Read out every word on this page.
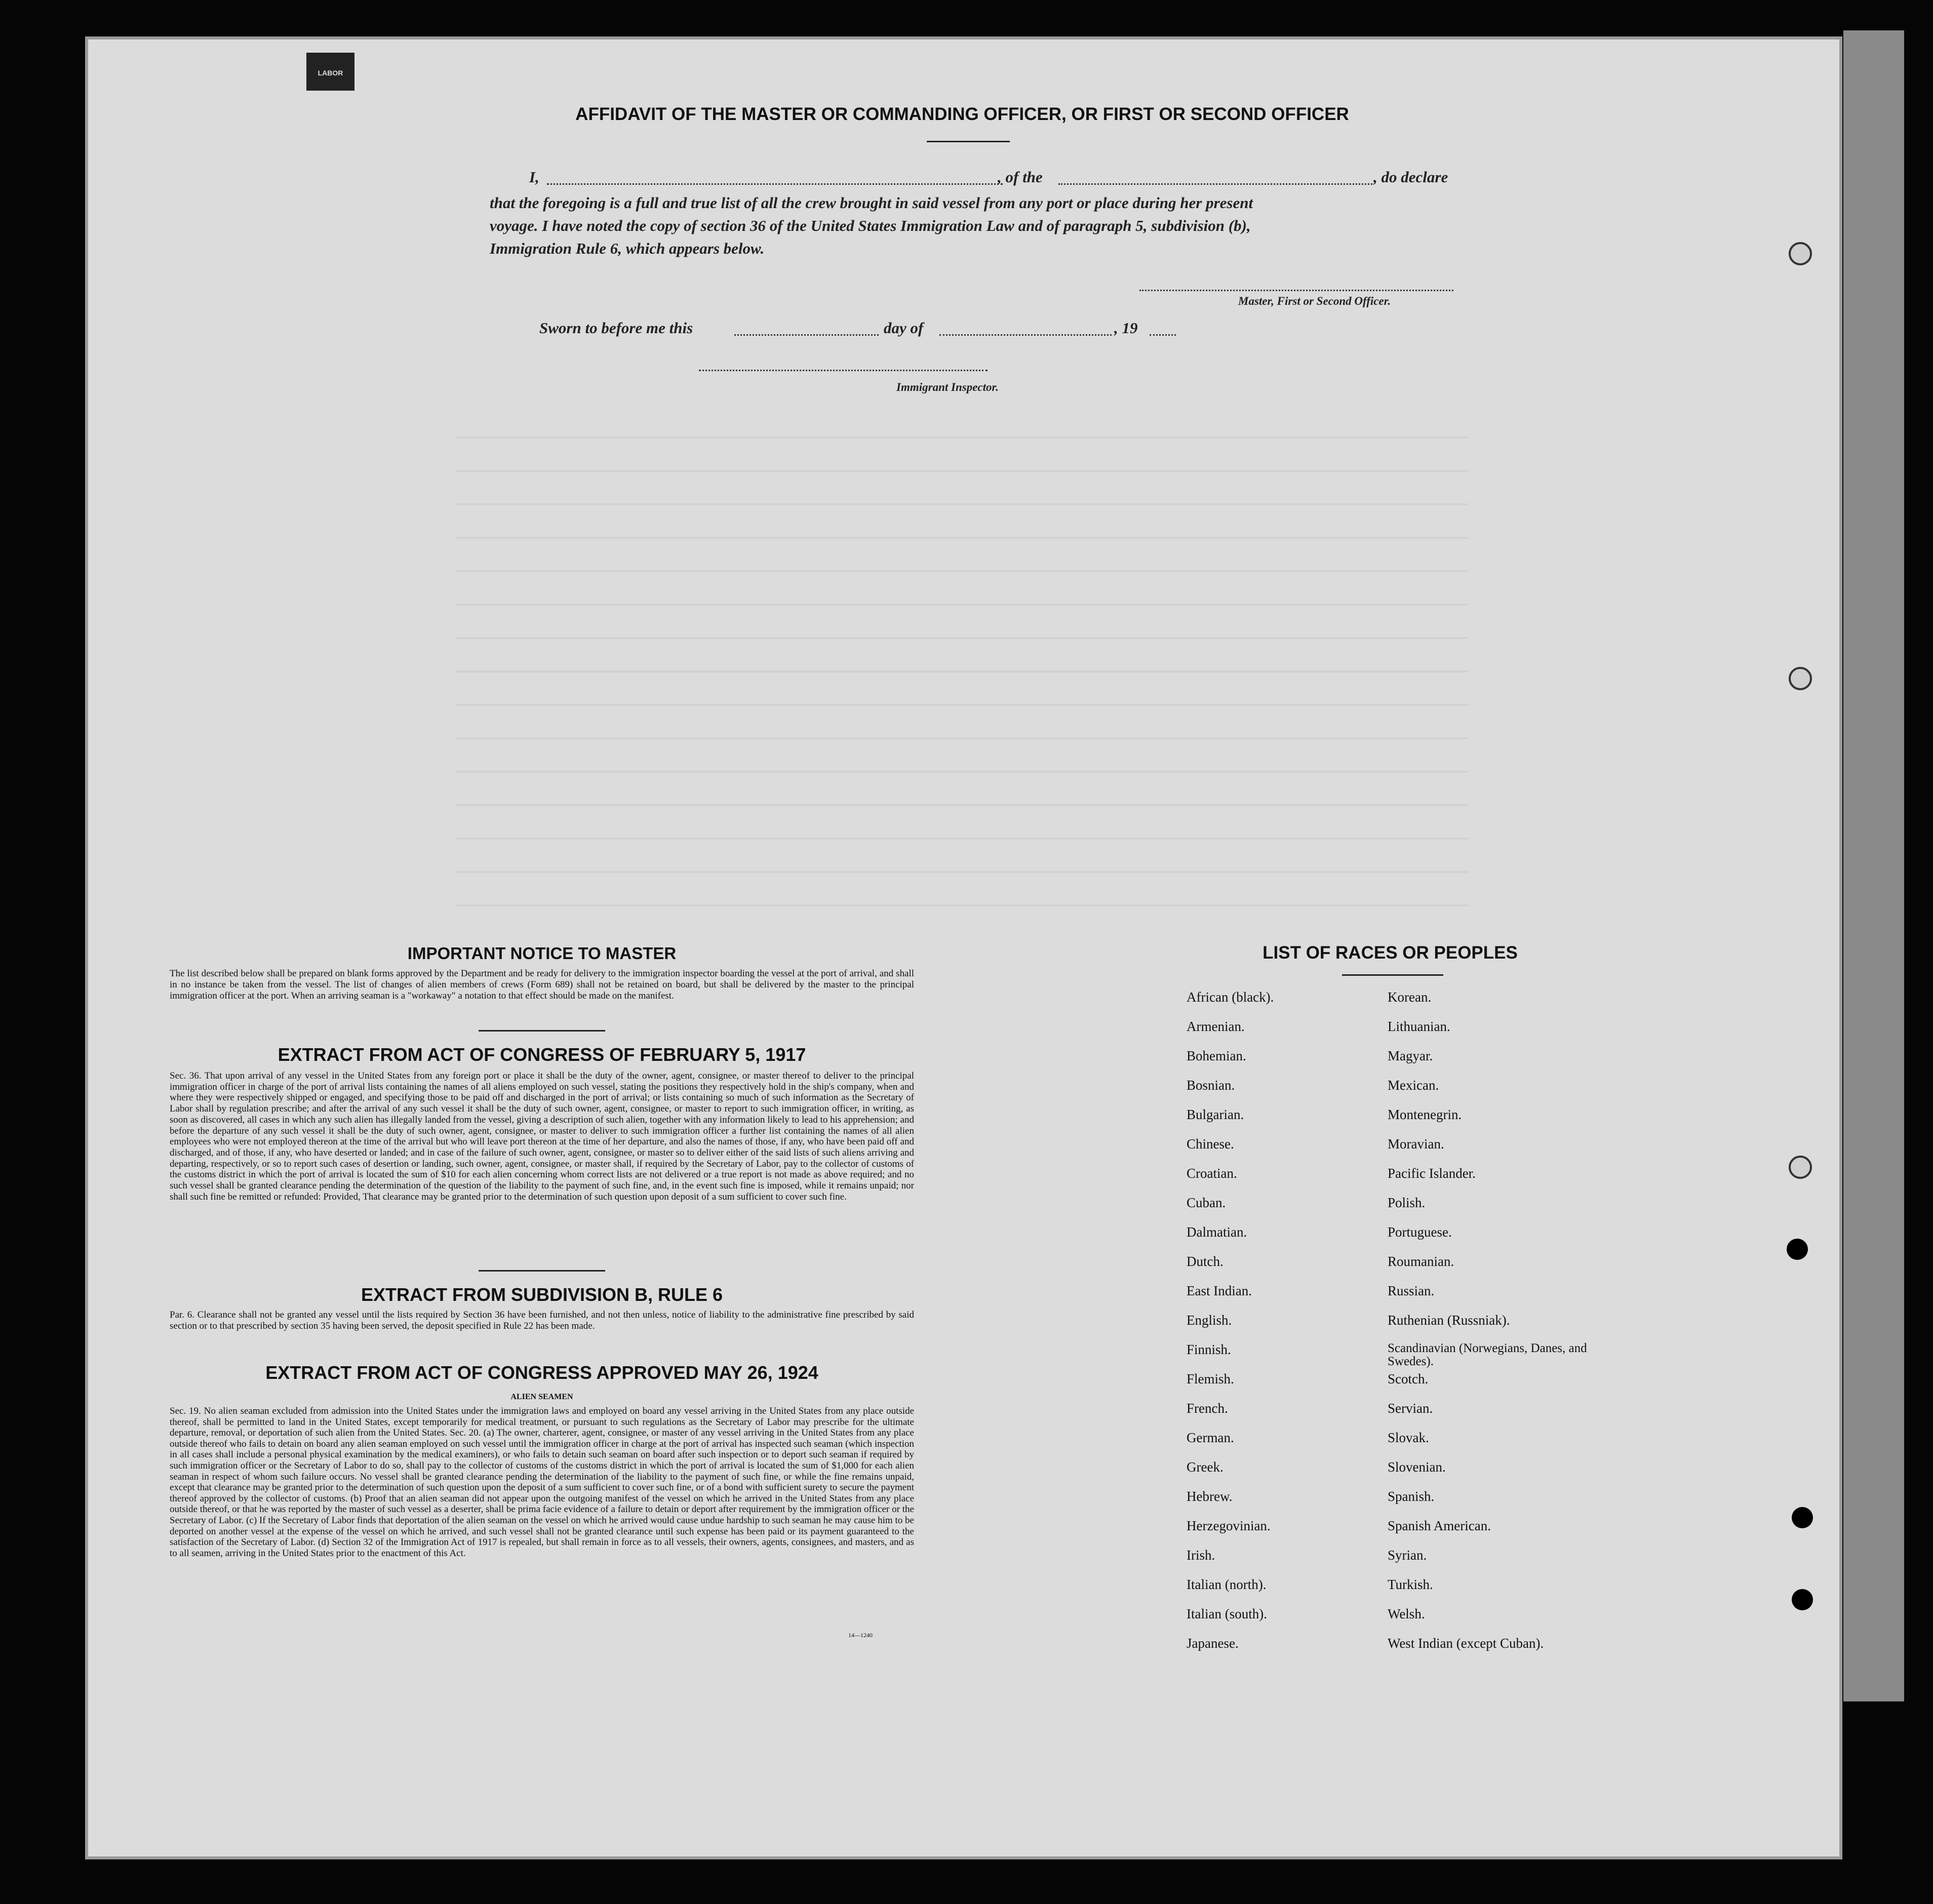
LABOR
AFFIDAVIT OF THE MASTER OR COMMANDING OFFICER, OR FIRST OR SECOND OFFICER
I,	, of the	, do declare
that the foregoing is a full and true list of all the crew brought in said vessel from any port or place during her present
voyage. I have noted the copy of section 36 of the United States Immigration Law and of paragraph 5, subdivision (b),
Immigration Rule 6, which appears below.
Master, First or Second Officer.
Sworn to before me this	day of	, 19
Immigrant Inspector.
IMPORTANT NOTICE TO MASTER
The list described below shall be prepared on blank forms approved by the Department and be ready for delivery to the immigration inspector boarding the vessel at the port of arrival, and shall in no instance be taken from the vessel. The list of changes of alien members of crews (Form 689) shall not be retained on board, but shall be delivered by the master to the principal immigration officer at the port. When an arriving seaman is a "workaway" a notation to that effect should be made on the manifest.
EXTRACT FROM ACT OF CONGRESS OF FEBRUARY 5, 1917
Sec. 36. That upon arrival of any vessel in the United States from any foreign port or place it shall be the duty of the owner, agent, consignee, or master thereof to deliver to the principal immigration officer in charge of the port of arrival lists containing the names of all aliens employed on such vessel, stating the positions they respectively hold in the ship's company, when and where they were respectively shipped or engaged, and specifying those to be paid off and discharged in the port of arrival; or lists containing so much of such information as the Secretary of Labor shall by regulation prescribe; and after the arrival of any such vessel it shall be the duty of such owner, agent, consignee, or master to report to such immigration officer, in writing, as soon as discovered, all cases in which any such alien has illegally landed from the vessel, giving a description of such alien, together with any information likely to lead to his apprehension; and before the departure of any such vessel it shall be the duty of such owner, agent, consignee, or master to deliver to such immigration officer a further list containing the names of all alien employees who were not employed thereon at the time of the arrival but who will leave port thereon at the time of her departure, and also the names of those, if any, who have been paid off and discharged, and of those, if any, who have deserted or landed; and in case of the failure of such owner, agent, consignee, or master so to deliver either of the said lists of such aliens arriving and departing, respectively, or so to report such cases of desertion or landing, such owner, agent, consignee, or master shall, if required by the Secretary of Labor, pay to the collector of customs of the customs district in which the port of arrival is located the sum of $10 for each alien concerning whom correct lists are not delivered or a true report is not made as above required; and no such vessel shall be granted clearance pending the determination of the question of the liability to the payment of such fine, and, in the event such fine is imposed, while it remains unpaid; nor shall such fine be remitted or refunded: Provided, That clearance may be granted prior to the determination of such question upon deposit of a sum sufficient to cover such fine.
EXTRACT FROM SUBDIVISION B, RULE 6
Par. 6. Clearance shall not be granted any vessel until the lists required by Section 36 have been furnished, and not then unless, notice of liability to the administrative fine prescribed by said section or to that prescribed by section 35 having been served, the deposit specified in Rule 22 has been made.
EXTRACT FROM ACT OF CONGRESS APPROVED MAY 26, 1924
ALIEN SEAMEN
Sec. 19. No alien seaman excluded from admission into the United States under the immigration laws and employed on board any vessel arriving in the United States from any place outside thereof, shall be permitted to land in the United States, except temporarily for medical treatment, or pursuant to such regulations as the Secretary of Labor may prescribe for the ultimate departure, removal, or deportation of such alien from the United States. Sec. 20. (a) The owner, charterer, agent, consignee, or master of any vessel arriving in the United States from any place outside thereof who fails to detain on board any alien seaman employed on such vessel until the immigration officer in charge at the port of arrival has inspected such seaman (which inspection in all cases shall include a personal physical examination by the medical examiners), or who fails to detain such seaman on board after such inspection or to deport such seaman if required by such immigration officer or the Secretary of Labor to do so, shall pay to the collector of customs of the customs district in which the port of arrival is located the sum of $1,000 for each alien seaman in respect of whom such failure occurs. No vessel shall be granted clearance pending the determination of the liability to the payment of such fine, or while the fine remains unpaid, except that clearance may be granted prior to the determination of such question upon the deposit of a sum sufficient to cover such fine, or of a bond with sufficient surety to secure the payment thereof approved by the collector of customs. (b) Proof that an alien seaman did not appear upon the outgoing manifest of the vessel on which he arrived in the United States from any place outside thereof, or that he was reported by the master of such vessel as a deserter, shall be prima facie evidence of a failure to detain or deport after requirement by the immigration officer or the Secretary of Labor. (c) If the Secretary of Labor finds that deportation of the alien seaman on the vessel on which he arrived would cause undue hardship to such seaman he may cause him to be deported on another vessel at the expense of the vessel on which he arrived, and such vessel shall not be granted clearance until such expense has been paid or its payment guaranteed to the satisfaction of the Secretary of Labor. (d) Section 32 of the Immigration Act of 1917 is repealed, but shall remain in force as to all vessels, their owners, agents, consignees, and masters, and as to all seamen, arriving in the United States prior to the enactment of this Act.
14—1240
LIST OF RACES OR PEOPLES
African (black).
Armenian.
Bohemian.
Bosnian.
Bulgarian.
Chinese.
Croatian.
Cuban.
Dalmatian.
Dutch.
East Indian.
English.
Finnish.
Flemish.
French.
German.
Greek.
Hebrew.
Herzegovinian.
Irish.
Italian (north).
Italian (south).
Japanese.
Korean.
Lithuanian.
Magyar.
Mexican.
Montenegrin.
Moravian.
Pacific Islander.
Polish.
Portuguese.
Roumanian.
Russian.
Ruthenian (Russniak).
Scandinavian (Norwegians, Danes, and Swedes).
Scotch.
Servian.
Slovak.
Slovenian.
Spanish.
Spanish American.
Syrian.
Turkish.
Welsh.
West Indian (except Cuban).
